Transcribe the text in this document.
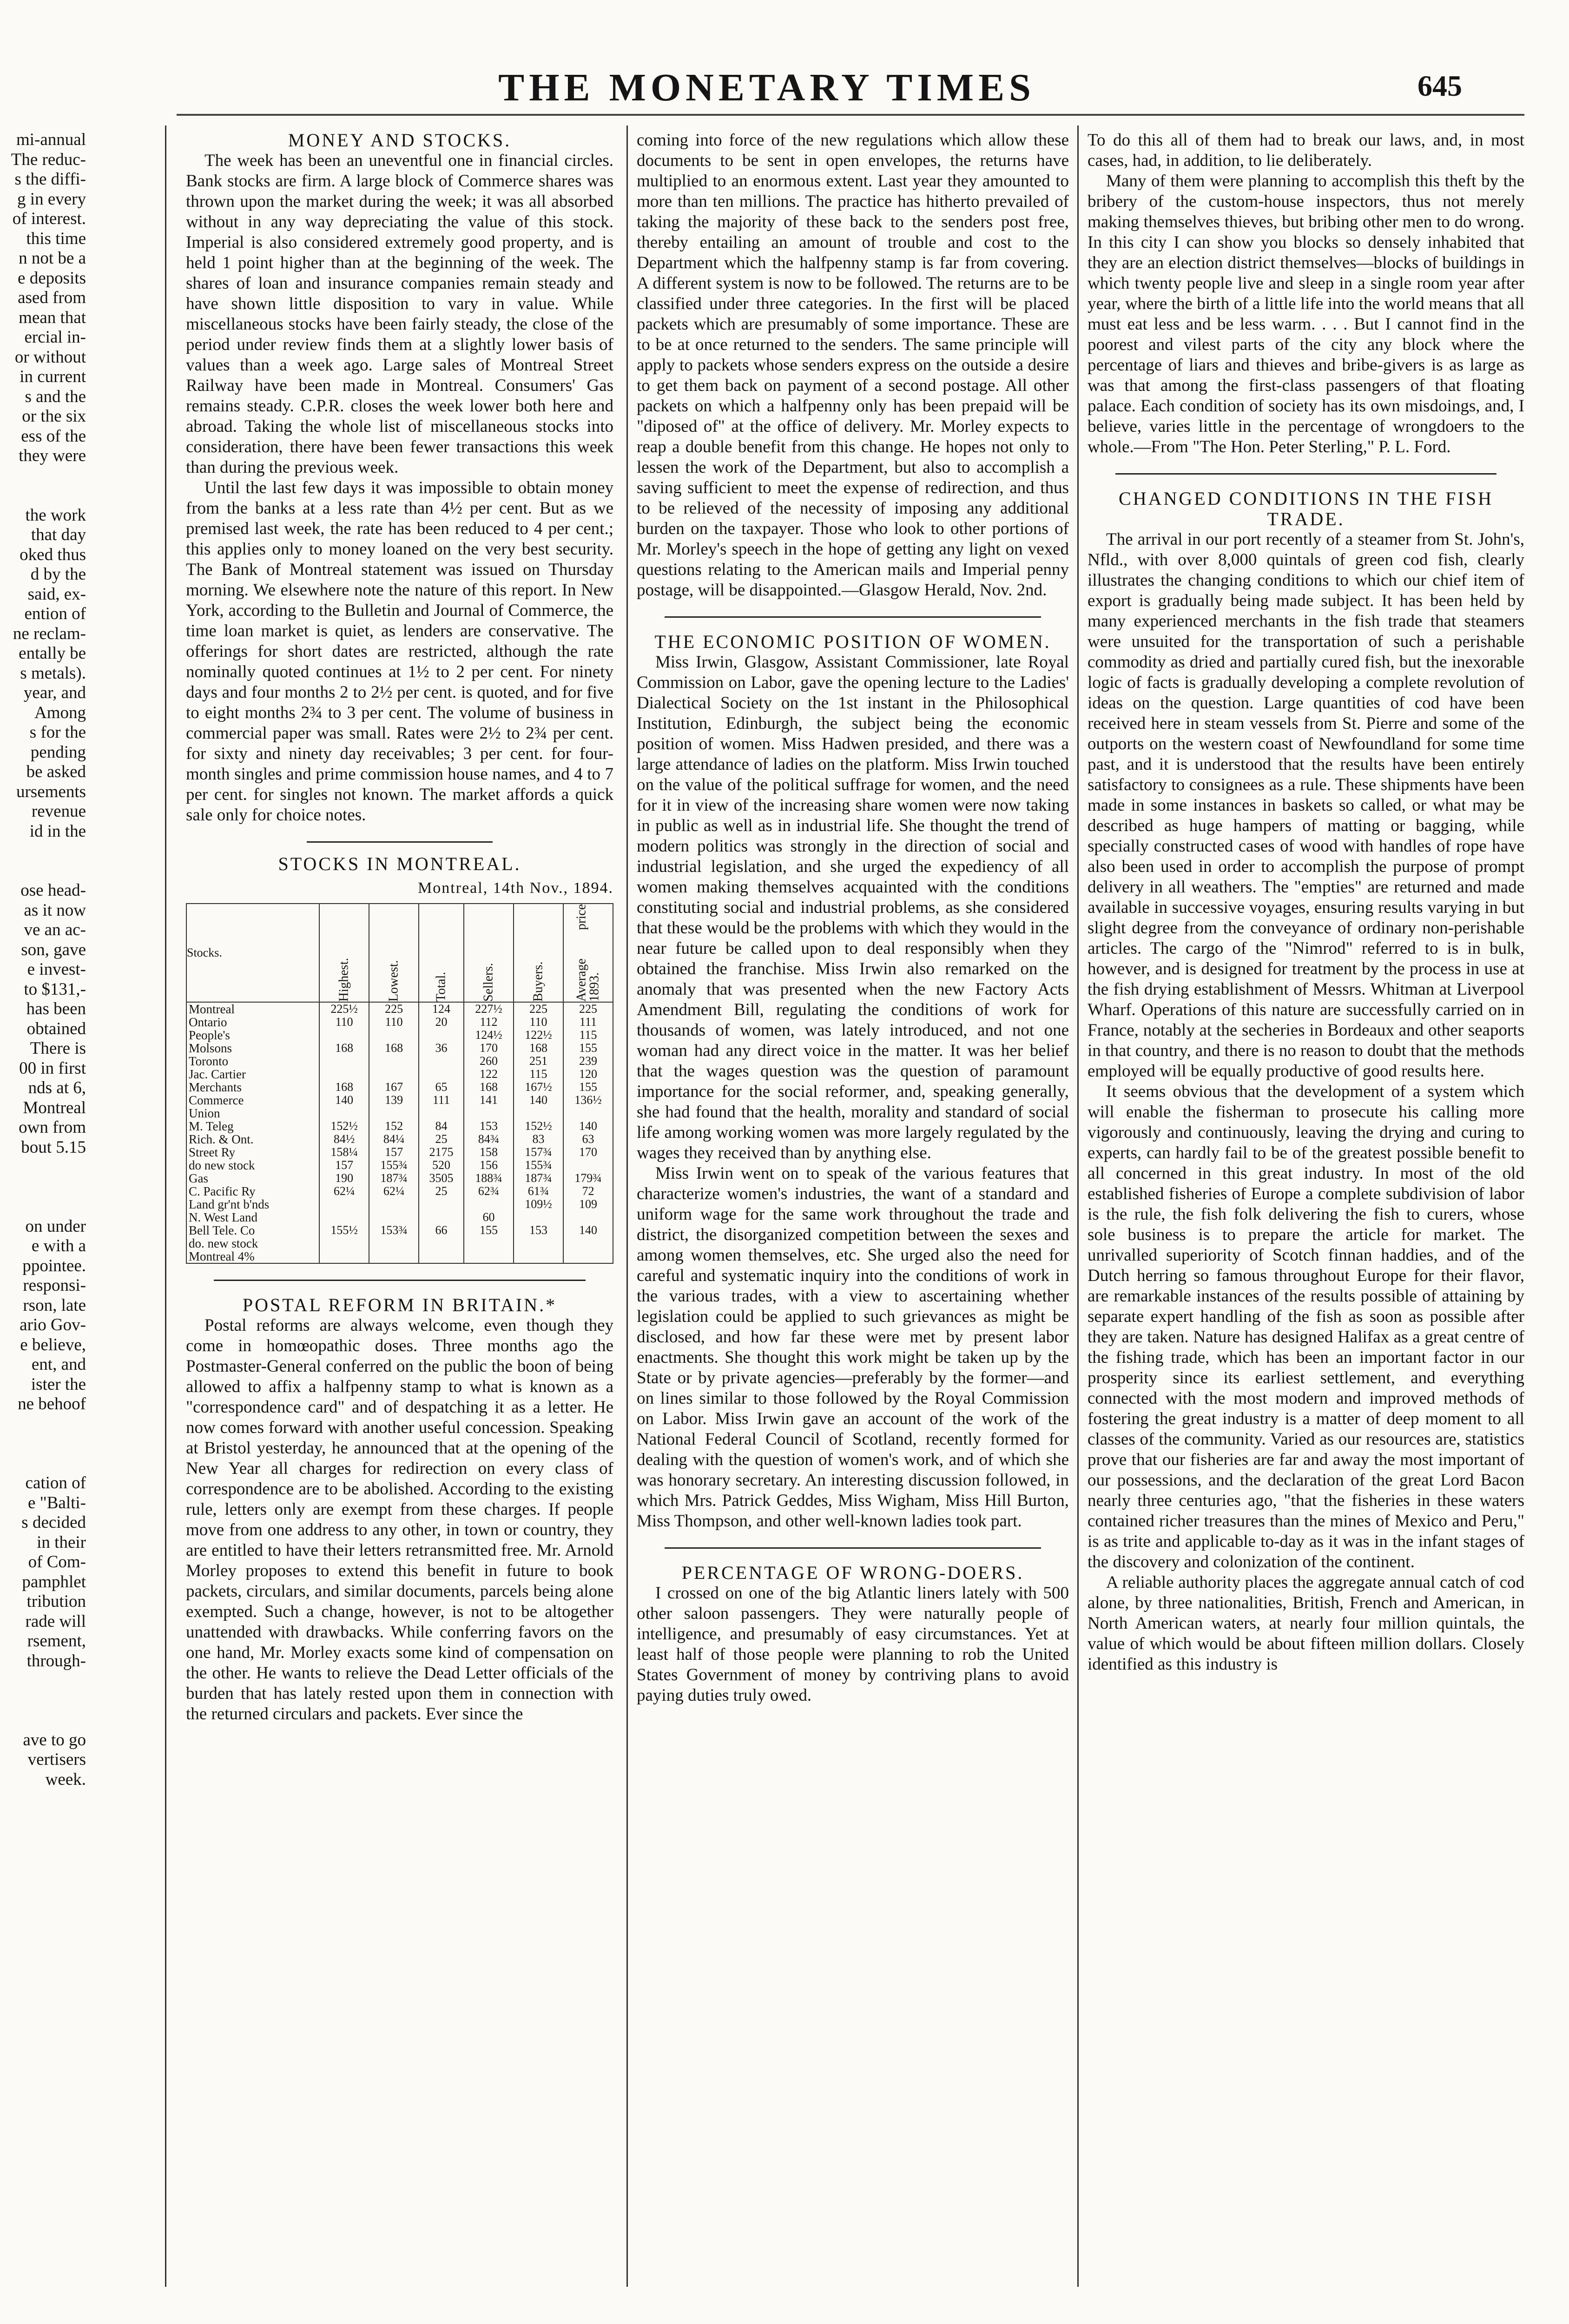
THE MONETARY TIMES	645
mi-annual
The reduc-
s the diffi-
g in every
of interest.
this time
n not be a
e deposits
ased from
mean that
ercial in-
or without
in current
s and the
or the six
ess of the
they were
the work
that day
oked thus
d by the
said, ex-
ention of
ne reclam-
entally be
s metals).
year, and
Among
s for the
pending
be asked
ursements
revenue
id in the
ose head-
as it now
ve an ac-
son, gave
e invest-
to $131,-
has been
obtained
There is
00 in first
nds at 6,
Montreal
own from
bout 5.15
on under
e with a
ppointee.
responsi-
rson, late
ario Gov-
e believe,
ent, and
ister the
ne behoof
cation of
e "Balti-
s decided
in their
of Com-
pamphlet
tribution
rade will
rsement,
through-
ave to go
vertisers
week.

MONEY AND STOCKS.

The week has been an uneventful one in financial circles. Bank stocks are firm. A large block of Commerce shares was thrown upon the market during the week; it was all absorbed without in any way depreciating the value of this stock. Imperial is also considered extremely good property, and is held 1 point higher than at the beginning of the week. The shares of loan and insurance companies remain steady and have shown little disposition to vary in value. While miscellaneous stocks have been fairly steady, the close of the period under review finds them at a slightly lower basis of values than a week ago. Large sales of Montreal Street Railway have been made in Montreal. Consumers' Gas remains steady. C.P.R. closes the week lower both here and abroad. Taking the whole list of miscellaneous stocks into consideration, there have been fewer transactions this week than during the previous week.

Until the last few days it was impossible to obtain money from the banks at a less rate than 4½ per cent. But as we premised last week, the rate has been reduced to 4 per cent.; this applies only to money loaned on the very best security. The Bank of Montreal statement was issued on Thursday morning. We elsewhere note the nature of this report. In New York, according to the Bulletin and Journal of Commerce, the time loan market is quiet, as lenders are conservative. The offerings for short dates are restricted, although the rate nominally quoted continues at 1½ to 2 per cent. For ninety days and four months 2 to 2½ per cent. is quoted, and for five to eight months 2¾ to 3 per cent. The volume of business in commercial paper was small. Rates were 2½ to 2¾ per cent. for sixty and ninety day receivables; 3 per cent. for four-month singles and prime commission house names, and 4 to 7 per cent. for singles not known. The market affords a quick sale only for choice notes.

STOCKS IN MONTREAL.

Montreal, 14th Nov., 1894.
Stocks.	Highest.	Lowest.	Total.	Sellers.	Buyers.	Average price 1893.
Montreal	225½	225	124	227½	225	225
Ontario	110	110	20	112	110	111
People's				124½	122½	115
Molsons	168	168	36	170	168	155
Toronto				260	251	239
Jac. Cartier				122	115	120
Merchants	168	167	65	168	167½	155
Commerce	140	139	111	141	140	136½
Union						
M. Teleg	152½	152	84	153	152½	140
Rich. & Ont.	84½	84¼	25	84¾	83	63
Street Ry	158¼	157	2175	158	157¾	170
do new stock	157	155¾	520	156	155¾	
Gas	190	187¾	3505	188¾	187¾	179¾
C. Pacific Ry	62¼	62¼	25	62¾	61¾	72
Land gr'nt b'nds					109½	109
N. West Land				60		
Bell Tele. Co	155½	153¾	66	155	153	140
do. new stock						
Montreal 4%						

POSTAL REFORM IN BRITAIN.*

Postal reforms are always welcome, even though they come in homœopathic doses. Three months ago the Postmaster-General conferred on the public the boon of being allowed to affix a halfpenny stamp to what is known as a "correspondence card" and of despatching it as a letter. He now comes forward with another useful concession. Speaking at Bristol yesterday, he announced that at the opening of the New Year all charges for redirection on every class of correspondence are to be abolished. According to the existing rule, letters only are exempt from these charges. If people move from one address to any other, in town or country, they are entitled to have their letters retransmitted free. Mr. Arnold Morley proposes to extend this benefit in future to book packets, circulars, and similar documents, parcels being alone exempted. Such a change, however, is not to be altogether unattended with drawbacks. While conferring favors on the one hand, Mr. Morley exacts some kind of compensation on the other. He wants to relieve the Dead Letter officials of the burden that has lately rested upon them in connection with the returned circulars and packets. Ever since the

coming into force of the new regulations which allow these documents to be sent in open envelopes, the returns have multiplied to an enormous extent. Last year they amounted to more than ten millions. The practice has hitherto prevailed of taking the majority of these back to the senders post free, thereby entailing an amount of trouble and cost to the Department which the halfpenny stamp is far from covering. A different system is now to be followed. The returns are to be classified under three categories. In the first will be placed packets which are presumably of some importance. These are to be at once returned to the senders. The same principle will apply to packets whose senders express on the outside a desire to get them back on payment of a second postage. All other packets on which a halfpenny only has been prepaid will be "diposed of" at the office of delivery. Mr. Morley expects to reap a double benefit from this change. He hopes not only to lessen the work of the Department, but also to accomplish a saving sufficient to meet the expense of redirection, and thus to be relieved of the necessity of imposing any additional burden on the taxpayer. Those who look to other portions of Mr. Morley's speech in the hope of getting any light on vexed questions relating to the American mails and Imperial penny postage, will be disappointed.—Glasgow Herald, Nov. 2nd.

THE ECONOMIC POSITION OF WOMEN.

Miss Irwin, Glasgow, Assistant Commissioner, late Royal Commission on Labor, gave the opening lecture to the Ladies' Dialectical Society on the 1st instant in the Philosophical Institution, Edinburgh, the subject being the economic position of women. Miss Hadwen presided, and there was a large attendance of ladies on the platform. Miss Irwin touched on the value of the political suffrage for women, and the need for it in view of the increasing share women were now taking in public as well as in industrial life. She thought the trend of modern politics was strongly in the direction of social and industrial legislation, and she urged the expediency of all women making themselves acquainted with the conditions constituting social and industrial problems, as she considered that these would be the problems with which they would in the near future be called upon to deal responsibly when they obtained the franchise. Miss Irwin also remarked on the anomaly that was presented when the new Factory Acts Amendment Bill, regulating the conditions of work for thousands of women, was lately introduced, and not one woman had any direct voice in the matter. It was her belief that the wages question was the question of paramount importance for the social reformer, and, speaking generally, she had found that the health, morality and standard of social life among working women was more largely regulated by the wages they received than by anything else.

Miss Irwin went on to speak of the various features that characterize women's industries, the want of a standard and uniform wage for the same work throughout the trade and district, the disorganized competition between the sexes and among women themselves, etc. She urged also the need for careful and systematic inquiry into the conditions of work in the various trades, with a view to ascertaining whether legislation could be applied to such grievances as might be disclosed, and how far these were met by present labor enactments. She thought this work might be taken up by the State or by private agencies—preferably by the former—and on lines similar to those followed by the Royal Commission on Labor. Miss Irwin gave an account of the work of the National Federal Council of Scotland, recently formed for dealing with the question of women's work, and of which she was honorary secretary. An interesting discussion followed, in which Mrs. Patrick Geddes, Miss Wigham, Miss Hill Burton, Miss Thompson, and other well-known ladies took part.

PERCENTAGE OF WRONG-DOERS.

I crossed on one of the big Atlantic liners lately with 500 other saloon passengers. They were naturally people of intelligence, and presumably of easy circumstances. Yet at least half of those people were planning to rob the United States Government of money by contriving plans to avoid paying duties truly owed.

To do this all of them had to break our laws, and, in most cases, had, in addition, to lie deliberately.

Many of them were planning to accomplish this theft by the bribery of the custom-house inspectors, thus not merely making themselves thieves, but bribing other men to do wrong. In this city I can show you blocks so densely inhabited that they are an election district themselves—blocks of buildings in which twenty people live and sleep in a single room year after year, where the birth of a little life into the world means that all must eat less and be less warm. . . . But I cannot find in the poorest and vilest parts of the city any block where the percentage of liars and thieves and bribe-givers is as large as was that among the first-class passengers of that floating palace. Each condition of society has its own misdoings, and, I believe, varies little in the percentage of wrongdoers to the whole.—From "The Hon. Peter Sterling," P. L. Ford.

CHANGED CONDITIONS IN THE FISH TRADE.

The arrival in our port recently of a steamer from St. John's, Nfld., with over 8,000 quintals of green cod fish, clearly illustrates the changing conditions to which our chief item of export is gradually being made subject. It has been held by many experienced merchants in the fish trade that steamers were unsuited for the transportation of such a perishable commodity as dried and partially cured fish, but the inexorable logic of facts is gradually developing a complete revolution of ideas on the question. Large quantities of cod have been received here in steam vessels from St. Pierre and some of the outports on the western coast of Newfoundland for some time past, and it is understood that the results have been entirely satisfactory to consignees as a rule. These shipments have been made in some instances in baskets so called, or what may be described as huge hampers of matting or bagging, while specially constructed cases of wood with handles of rope have also been used in order to accomplish the purpose of prompt delivery in all weathers. The "empties" are returned and made available in successive voyages, ensuring results varying in but slight degree from the conveyance of ordinary non-perishable articles. The cargo of the "Nimrod" referred to is in bulk, however, and is designed for treatment by the process in use at the fish drying establishment of Messrs. Whitman at Liverpool Wharf. Operations of this nature are successfully carried on in France, notably at the secheries in Bordeaux and other seaports in that country, and there is no reason to doubt that the methods employed will be equally productive of good results here.

It seems obvious that the development of a system which will enable the fisherman to prosecute his calling more vigorously and continuously, leaving the drying and curing to experts, can hardly fail to be of the greatest possible benefit to all concerned in this great industry. In most of the old established fisheries of Europe a complete subdivision of labor is the rule, the fish folk delivering the fish to curers, whose sole business is to prepare the article for market. The unrivalled superiority of Scotch finnan haddies, and of the Dutch herring so famous throughout Europe for their flavor, are remarkable instances of the results possible of attaining by separate expert handling of the fish as soon as possible after they are taken. Nature has designed Halifax as a great centre of the fishing trade, which has been an important factor in our prosperity since its earliest settlement, and everything connected with the most modern and improved methods of fostering the great industry is a matter of deep moment to all classes of the community. Varied as our resources are, statistics prove that our fisheries are far and away the most important of our possessions, and the declaration of the great Lord Bacon nearly three centuries ago, "that the fisheries in these waters contained richer treasures than the mines of Mexico and Peru," is as trite and applicable to-day as it was in the infant stages of the discovery and colonization of the continent.

A reliable authority places the aggregate annual catch of cod alone, by three nationalities, British, French and American, in North American waters, at nearly four million quintals, the value of which would be about fifteen million dollars. Closely identified as this industry is
